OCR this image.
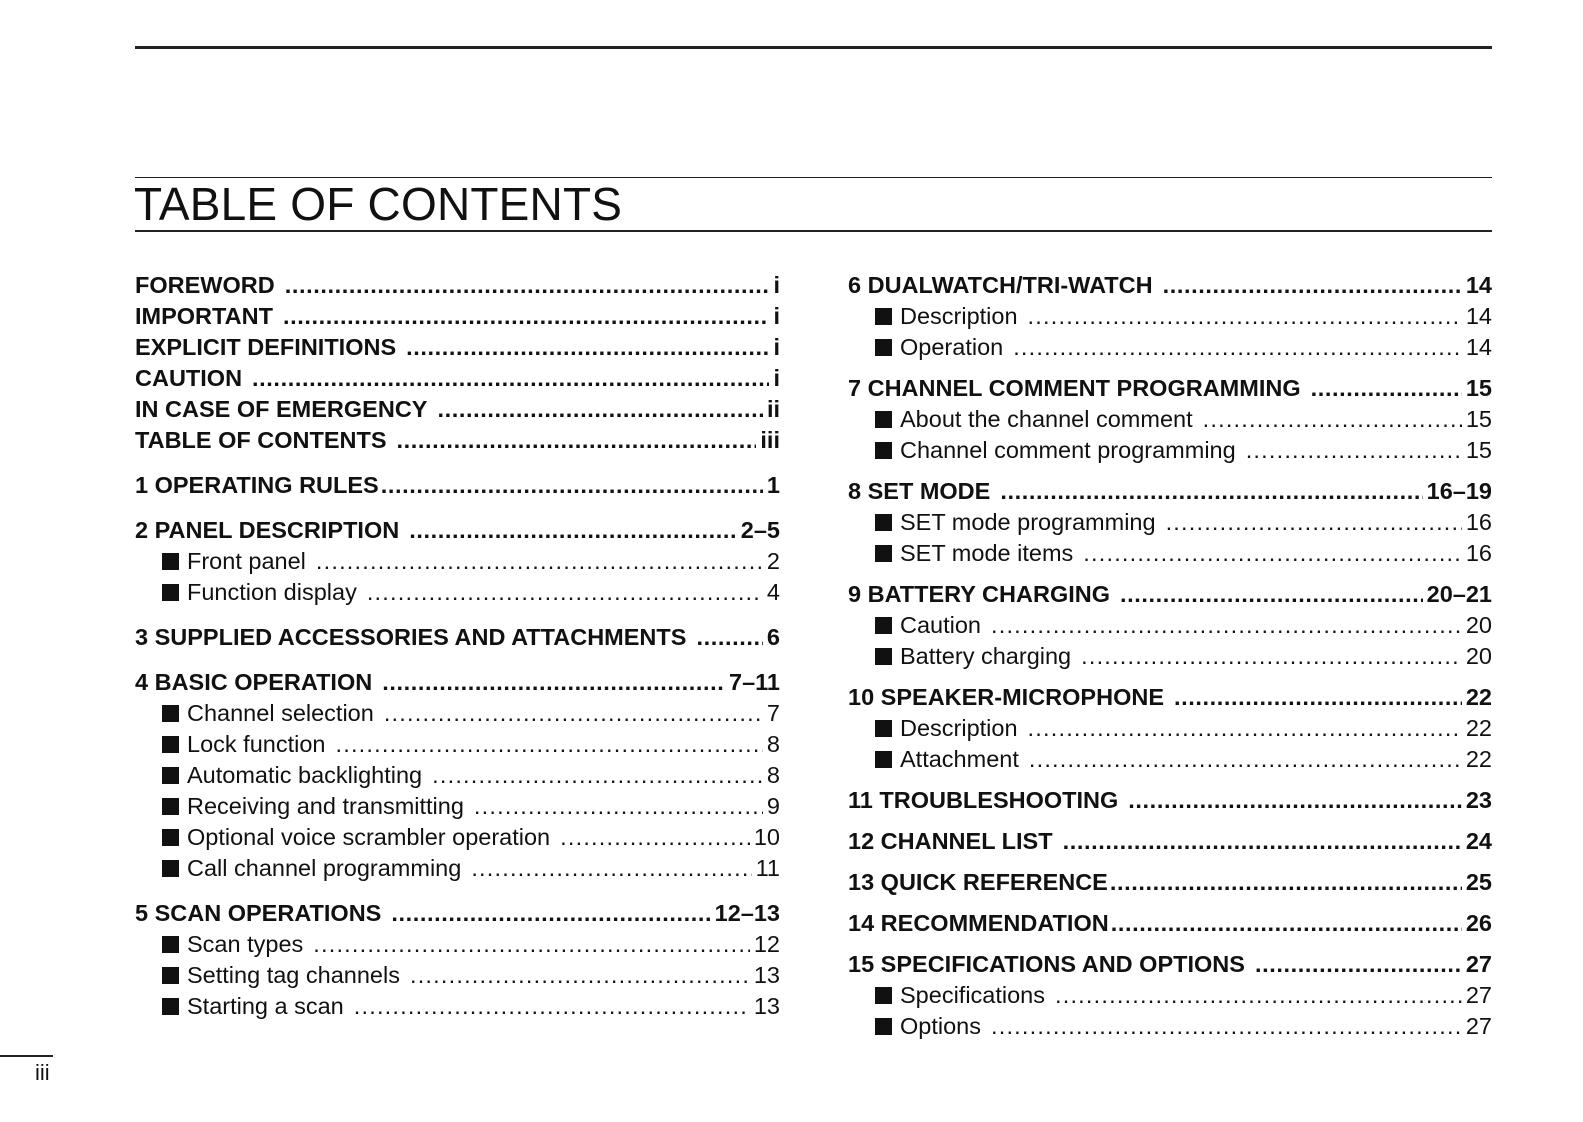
TABLE OF CONTENTS
FOREWORD .....	i
IMPORTANT .....	i
EXPLICIT DEFINITIONS .....	i
CAUTION .....	i
IN CASE OF EMERGENCY .....	ii
TABLE OF CONTENTS .....	iii
1 OPERATING RULES .....	1
2 PANEL DESCRIPTION .....	2–5
Front panel .....	2
Function display .....	4
3 SUPPLIED ACCESSORIES AND ATTACHMENTS .....	6
4 BASIC OPERATION .....	7–11
Channel selection .....	7
Lock function .....	8
Automatic backlighting .....	8
Receiving and transmitting .....	9
Optional voice scrambler operation .....	10
Call channel programming .....	11
5 SCAN OPERATIONS .....	12–13
Scan types .....	12
Setting tag channels .....	13
Starting a scan .....	13
6 DUALWATCH/TRI-WATCH .....	14
Description .....	14
Operation .....	14
7 CHANNEL COMMENT PROGRAMMING .....	15
About the channel comment .....	15
Channel comment programming .....	15
8 SET MODE .....	16–19
SET mode programming .....	16
SET mode items .....	16
9 BATTERY CHARGING .....	20–21
Caution .....	20
Battery charging .....	20
10 SPEAKER-MICROPHONE .....	22
Description .....	22
Attachment .....	22
11 TROUBLESHOOTING .....	23
12 CHANNEL LIST .....	24
13 QUICK REFERENCE .....	25
14 RECOMMENDATION .....	26
15 SPECIFICATIONS AND OPTIONS .....	27
Specifications .....	27
Options .....	27
iii
